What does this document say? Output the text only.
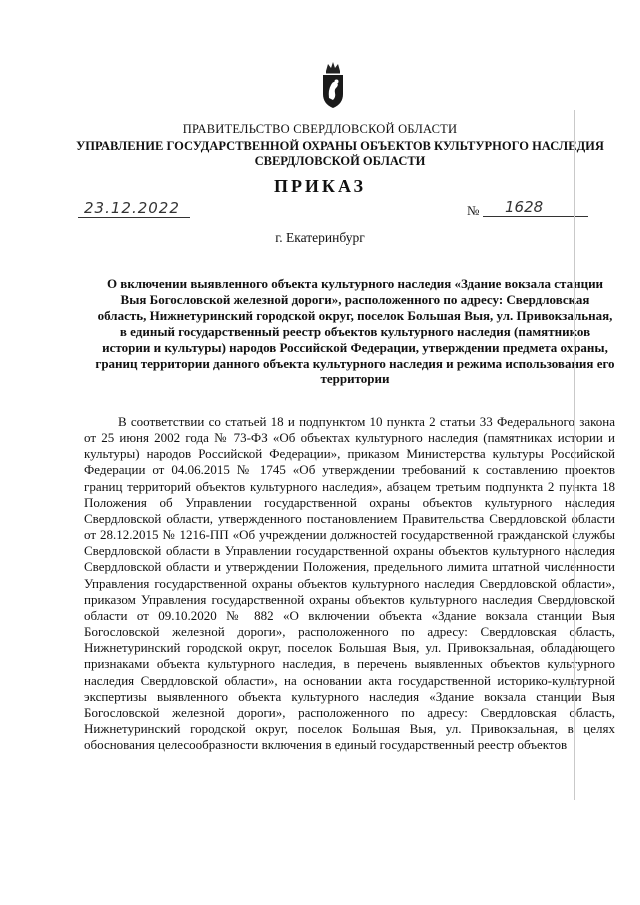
ПРАВИТЕЛЬСТВО СВЕРДЛОВСКОЙ ОБЛАСТИ
УПРАВЛЕНИЕ ГОСУДАРСТВЕННОЙ ОХРАНЫ ОБЪЕКТОВ КУЛЬТУРНОГО НАСЛЕДИЯ СВЕРДЛОВСКОЙ ОБЛАСТИ
ПРИКАЗ
23.12.2022	№ 1628
г. Екатеринбург
О включении выявленного объекта культурного наследия «Здание вокзала станции Выя Богословской железной дороги», расположенного по адресу: Свердловская область, Нижнетуринский городской округ, поселок Большая Выя, ул. Привокзальная, в единый государственный реестр объектов культурного наследия (памятников истории и культуры) народов Российской Федерации, утверждении предмета охраны, границ территории данного объекта культурного наследия и режима использования его территории
В соответствии со статьей 18 и подпунктом 10 пункта 2 статьи 33 Федерального закона от 25 июня 2002 года № 73-ФЗ «Об объектах культурного наследия (памятниках истории и культуры) народов Российской Федерации», приказом Министерства культуры Российской Федерации от 04.06.2015 № 1745 «Об утверждении требований к составлению проектов границ территорий объектов культурного наследия», абзацем третьим подпункта 2 пункта 18 Положения об Управлении государственной охраны объектов культурного наследия Свердловской области, утвержденного постановлением Правительства Свердловской области от 28.12.2015 № 1216-ПП «Об учреждении должностей государственной гражданской службы Свердловской области в Управлении государственной охраны объектов культурного наследия Свердловской области и утверждении Положения, предельного лимита штатной численности Управления государственной охраны объектов культурного наследия Свердловской области», приказом Управления государственной охраны объектов культурного наследия Свердловской области от 09.10.2020 № 882 «О включении объекта «Здание вокзала станции Выя Богословской железной дороги», расположенного по адресу: Свердловская область, Нижнетуринский городской округ, поселок Большая Выя, ул. Привокзальная, обладающего признаками объекта культурного наследия, в перечень выявленных объектов культурного наследия Свердловской области», на основании акта государственной историко-культурной экспертизы выявленного объекта культурного наследия «Здание вокзала станции Выя Богословской железной дороги», расположенного по адресу: Свердловская область, Нижнетуринский городской округ, поселок Большая Выя, ул. Привокзальная, в целях обоснования целесообразности включения в единый государственный реестр объектов
